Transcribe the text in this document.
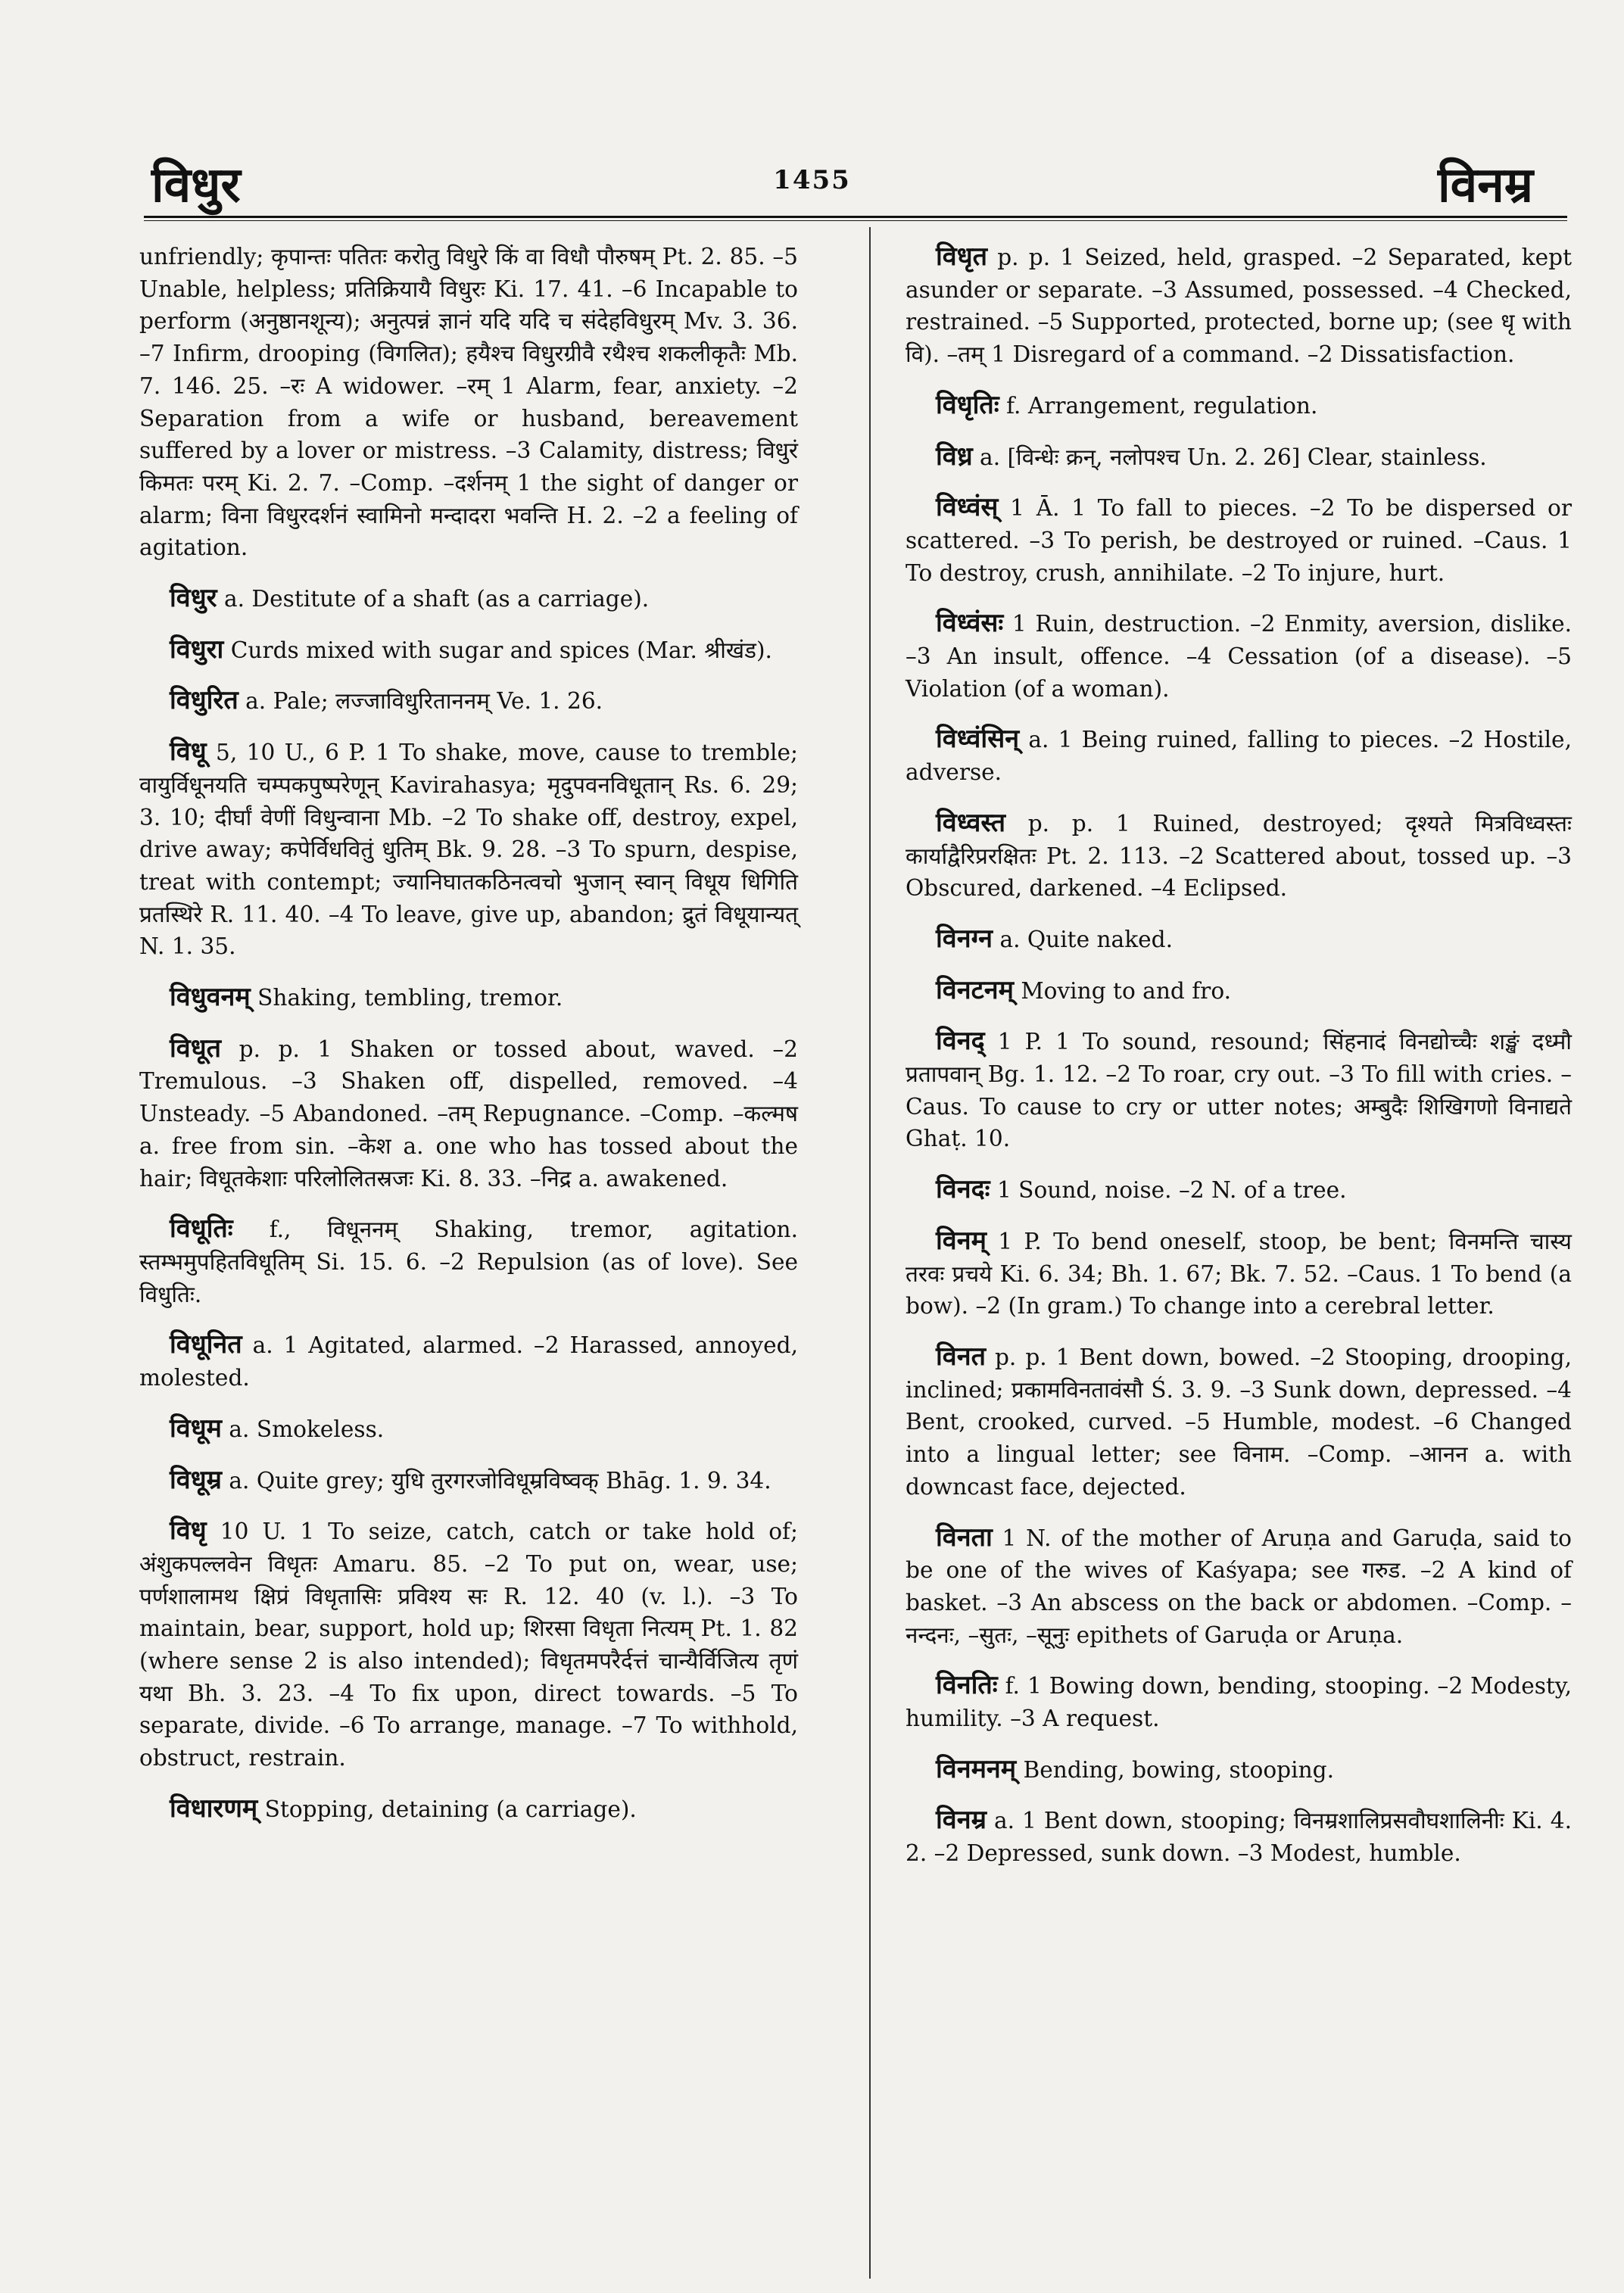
विधुर	1455	विनम्र

unfriendly; कृपान्तः पतितः करोतु विधुरे किं वा विधौ पौरुषम् Pt. 2. 85. –5 Unable, helpless; प्रतिक्रियायै विधुरः Ki. 17. 41. –6 Incapable to perform (अनुष्ठानशून्य); अनुत्पन्नं ज्ञानं यदि यदि च संदेहविधुरम् Mv. 3. 36. –7 Infirm, drooping (विगलित); हयैश्च विधुरग्रीवै रथैश्च शकलीकृतैः Mb. 7. 146. 25. –रः A widower. –रम् 1 Alarm, fear, anxiety. –2 Separation from a wife or husband, bereavement suffered by a lover or mistress. –3 Calamity, distress; विधुरं किमतः परम् Ki. 2. 7. –Comp. –दर्शनम् 1 the sight of danger or alarm; विना विधुरदर्शनं स्वामिनो मन्दादरा भवन्ति H. 2. –2 a feeling of agitation.

विधुर a. Destitute of a shaft (as a carriage).

विधुरा Curds mixed with sugar and spices (Mar. श्रीखंड).

विधुरित a. Pale; लज्जाविधुरिताननम् Ve. 1. 26.

विधू 5, 10 U., 6 P. 1 To shake, move, cause to tremble; वायुर्विधूनयति चम्पकपुष्परेणून् Kavirahasya; मृदुपवनविधूतान् Rs. 6. 29; 3. 10; दीर्घां वेणीं विधुन्वाना Mb. –2 To shake off, destroy, expel, drive away; कपेर्विधवितुं धुतिम् Bk. 9. 28. –3 To spurn, despise, treat with contempt; ज्यानिघातकठिनत्वचो भुजान् स्वान् विधूय धिगिति प्रतस्थिरे R. 11. 40. –4 To leave, give up, abandon; द्रुतं विधूयान्यत् N. 1. 35.

विधुवनम् Shaking, tembling, tremor.

विधूत p. p. 1 Shaken or tossed about, waved. –2 Tremulous. –3 Shaken off, dispelled, removed. –4 Unsteady. –5 Abandoned. –तम् Repugnance. –Comp. –कल्मष a. free from sin. –केश a. one who has tossed about the hair; विधूतकेशाः परिलोलितस्रजः Ki. 8. 33. –निद्र a. awakened.

विधूतिः f., विधूननम् Shaking, tremor, agitation. स्तम्भमुपहितविधूतिम् Si. 15. 6. –2 Repulsion (as of love). See विधुतिः.

विधूनित a. 1 Agitated, alarmed. –2 Harassed, annoyed, molested.

विधूम a. Smokeless.

विधूम्र a. Quite grey; युधि तुरगरजोविधूम्रविष्वक् Bhāg. 1. 9. 34.

विधृ 10 U. 1 To seize, catch, catch or take hold of; अंशुकपल्लवेन विधृतः Amaru. 85. –2 To put on, wear, use; पर्णशालामथ क्षिप्रं विधृतासिः प्रविश्य सः R. 12. 40 (v. l.). –3 To maintain, bear, support, hold up; शिरसा विधृता नित्यम् Pt. 1. 82 (where sense 2 is also intended); विधृतमपरैर्दत्तं चान्यैर्विजित्य तृणं यथा Bh. 3. 23. –4 To fix upon, direct towards. –5 To separate, divide. –6 To arrange, manage. –7 To withhold, obstruct, restrain.

विधारणम् Stopping, detaining (a carriage).

विधृत p. p. 1 Seized, held, grasped. –2 Separated, kept asunder or separate. –3 Assumed, possessed. –4 Checked, restrained. –5 Supported, protected, borne up; (see धृ with वि). –तम् 1 Disregard of a command. –2 Dissatisfaction.

विधृतिः f. Arrangement, regulation.

विध्र a. [विन्धेः क्रन्, नलोपश्च Un. 2. 26] Clear, stainless.

विध्वंस् 1 Ā. 1 To fall to pieces. –2 To be dispersed or scattered. –3 To perish, be destroyed or ruined. –Caus. 1 To destroy, crush, annihilate. –2 To injure, hurt.

विध्वंसः 1 Ruin, destruction. –2 Enmity, aversion, dislike. –3 An insult, offence. –4 Cessation (of a disease). –5 Violation (of a woman).

विध्वंसिन् a. 1 Being ruined, falling to pieces. –2 Hostile, adverse.

विध्वस्त p. p. 1 Ruined, destroyed; दृश्यते मित्रविध्वस्तः कार्याद्वैरिप्ररक्षितः Pt. 2. 113. –2 Scattered about, tossed up. –3 Obscured, darkened. –4 Eclipsed.

विनग्न a. Quite naked.

विनटनम् Moving to and fro.

विनद् 1 P. 1 To sound, resound; सिंहनादं विनद्योच्चैः शङ्खं दध्मौ प्रतापवान् Bg. 1. 12. –2 To roar, cry out. –3 To fill with cries. –Caus. To cause to cry or utter notes; अम्बुदैः शिखिगणो विनाद्यते Ghaṭ. 10.

विनदः 1 Sound, noise. –2 N. of a tree.

विनम् 1 P. To bend oneself, stoop, be bent; विनमन्ति चास्य तरवः प्रचये Ki. 6. 34; Bh. 1. 67; Bk. 7. 52. –Caus. 1 To bend (a bow). –2 (In gram.) To change into a cerebral letter.

विनत p. p. 1 Bent down, bowed. –2 Stooping, drooping, inclined; प्रकामविनतावंसौ Ś. 3. 9. –3 Sunk down, depressed. –4 Bent, crooked, curved. –5 Humble, modest. –6 Changed into a lingual letter; see विनाम. –Comp. –आनन a. with downcast face, dejected.

विनता 1 N. of the mother of Aruṇa and Garuḍa, said to be one of the wives of Kaśyapa; see गरुड. –2 A kind of basket. –3 An abscess on the back or abdomen. –Comp. –नन्दनः, –सुतः, –सूनुः epithets of Garuḍa or Aruṇa.

विनतिः f. 1 Bowing down, bending, stooping. –2 Modesty, humility. –3 A request.

विनमनम् Bending, bowing, stooping.

विनम्र a. 1 Bent down, stooping; विनम्रशालिप्रसवौघशालिनीः Ki. 4. 2. –2 Depressed, sunk down. –3 Modest, humble.
